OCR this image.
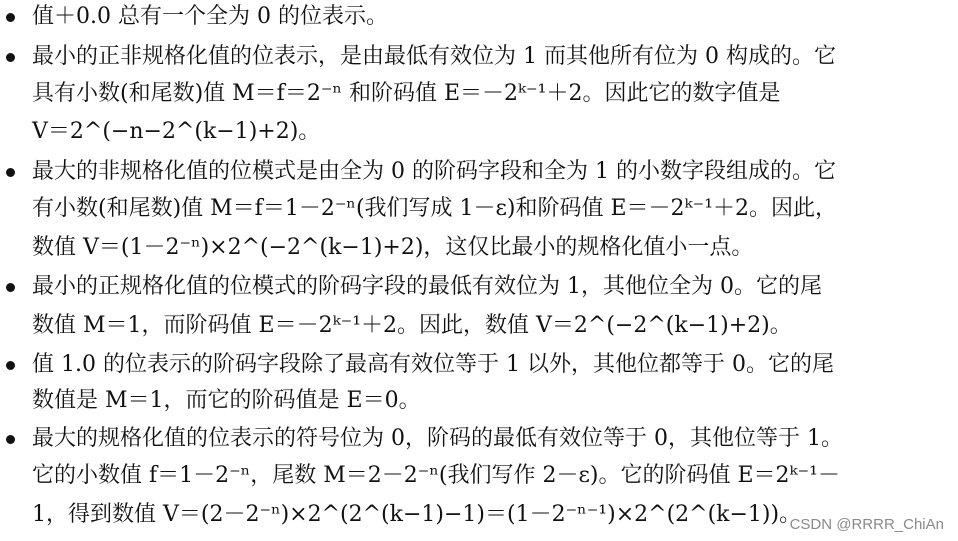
值＋0.0 总有一个全为 0 的位表示。
最小的正非规格化值的位表示，是由最低有效位为 1 而其他所有位为 0 构成的。它
具有小数(和尾数)值 M＝f＝2⁻ⁿ 和阶码值 E＝－2ᵏ⁻¹＋2。因此它的数字值是
V＝2^(−n−2^(k−1)+2)。
最大的非规格化值的位模式是由全为 0 的阶码字段和全为 1 的小数字段组成的。它
有小数(和尾数)值 M＝f＝1－2⁻ⁿ(我们写成 1－ε)和阶码值 E＝－2ᵏ⁻¹＋2。因此，
数值 V＝(1－2⁻ⁿ)×2^(−2^(k−1)+2)，这仅比最小的规格化值小一点。
最小的正规格化值的位模式的阶码字段的最低有效位为 1，其他位全为 0。它的尾
数值 M＝1，而阶码值 E＝－2ᵏ⁻¹＋2。因此，数值 V＝2^(−2^(k−1)+2)。
值 1.0 的位表示的阶码字段除了最高有效位等于 1 以外，其他位都等于 0。它的尾
数值是 M＝1，而它的阶码值是 E＝0。
最大的规格化值的位表示的符号位为 0，阶码的最低有效位等于 0，其他位等于 1。
它的小数值 f＝1－2⁻ⁿ，尾数 M＝2－2⁻ⁿ(我们写作 2－ε)。它的阶码值 E＝2ᵏ⁻¹－
1，得到数值 V＝(2－2⁻ⁿ)×2^(2^(k−1)−1)＝(1－2⁻ⁿ⁻¹)×2^(2^(k−1))。
CSDN @RRRR_ChiAn
